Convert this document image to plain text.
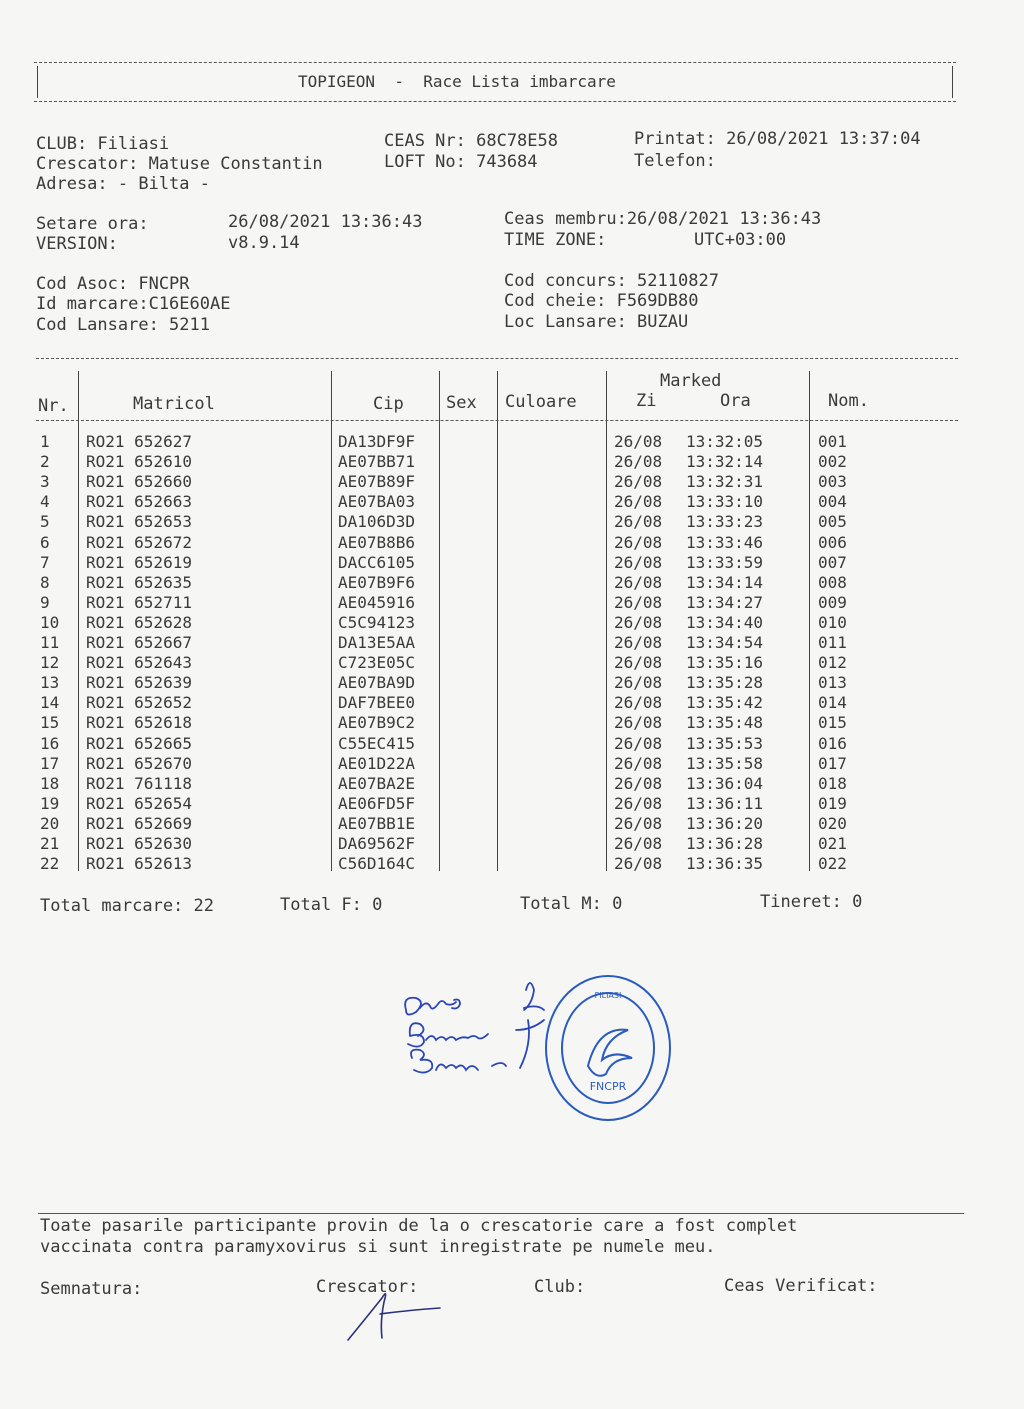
TOPIGEON  -  Race Lista imbarcare
CLUB: Filiasi
Crescator: Matuse Constantin
Adresa: - Bilta -
CEAS Nr: 68C78E58
LOFT No: 743684
Printat: 26/08/2021 13:37:04
Telefon:
Setare ora:	26/08/2021 13:36:43
VERSION:	v8.9.14
Ceas membru:26/08/2021 13:36:43
TIME ZONE:	UTC+03:00
Cod Asoc: FNCPR
Id marcare:C16E60AE
Cod Lansare: 5211
Cod concurs: 52110827
Cod cheie: F569DB80
Loc Lansare: BUZAU
Marked
Nr.	Matricol	Cip Sex Culoare	Zi	Ora	Nom.
1 RO21 652627	DA13DF9F	26/08 13:32:05	001
2 RO21 652610	AE07BB71	26/08 13:32:14	002
3 RO21 652660	AE07B89F	26/08 13:32:31	003
4 RO21 652663	AE07BA03	26/08 13:33:10	004
5 RO21 652653	DA106D3D	26/08 13:33:23	005
6 RO21 652672	AE07B8B6	26/08 13:33:46	006
7 RO21 652619	DACC6105	26/08 13:33:59	007
8 RO21 652635	AE07B9F6	26/08 13:34:14	008
9 RO21 652711	AE045916	26/08 13:34:27	009
10 RO21 652628	C5C94123	26/08 13:34:40	010
11 RO21 652667	DA13E5AA	26/08 13:34:54	011
12 RO21 652643	C723E05C	26/08 13:35:16	012
13 RO21 652639	AE07BA9D	26/08 13:35:28	013
14 RO21 652652	DAF7BEE0	26/08 13:35:42	014
15 RO21 652618	AE07B9C2	26/08 13:35:48	015
16 RO21 652665	C55EC415	26/08 13:35:53	016
17 RO21 652670	AE01D22A	26/08 13:35:58	017
18 RO21 761118	AE07BA2E	26/08 13:36:04	018
19 RO21 652654	AE06FD5F	26/08 13:36:11	019
20 RO21 652669	AE07BB1E	26/08 13:36:20	020
21 RO21 652630	DA69562F	26/08 13:36:28	021
22 RO21 652613	C56D164C	26/08 13:36:35	022
Total marcare: 22	Total F: 0	Total M: 0	Tineret: 0
FNCPR
FILIASI
Toate pasarile participante provin de la o crescatorie care a fost complet
vaccinata contra paramyxovirus si sunt inregistrate pe numele meu.
Semnatura:	Crescator:	Club:	Ceas Verificat:
